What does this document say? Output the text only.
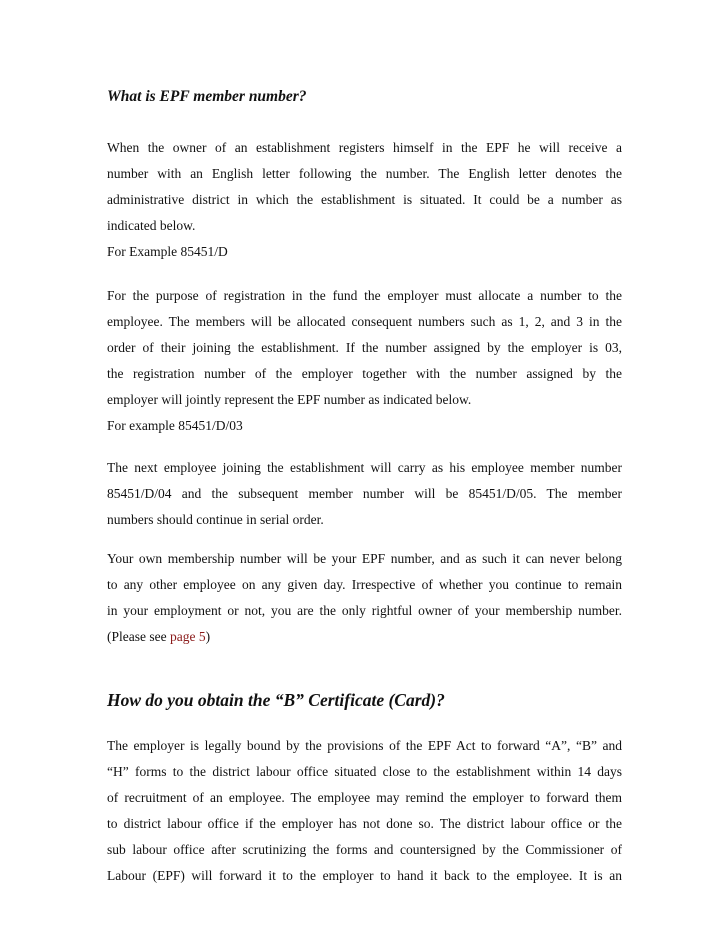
What is EPF member number?
When the owner of an establishment registers himself in the EPF he will receive a
number with an English letter following the number. The English letter denotes the
administrative district in which the establishment is situated. It could be a number as
indicated below.
For Example 85451/D
For the purpose of registration in the fund the employer must allocate a number to the
employee. The members will be allocated consequent numbers such as 1, 2, and 3 in the
order of their joining the establishment. If the number assigned by the employer is 03,
the registration number of the employer together with the number assigned by the
employer will jointly represent the EPF number as indicated below.
For example 85451/D/03
The next employee joining the establishment will carry as his employee member number
85451/D/04 and the subsequent member number will be 85451/D/05. The member
numbers should continue in serial order.
Your own membership number will be your EPF number, and as such it can never belong
to any other employee on any given day. Irrespective of whether you continue to remain
in your employment or not, you are the only rightful owner of your membership number.
(Please see page 5)
How do you obtain the “B” Certificate (Card)?
The employer is legally bound by the provisions of the EPF Act to forward “A”, “B” and
“H” forms to the district labour office situated close to the establishment within 14 days
of recruitment of an employee. The employee may remind the employer to forward them
to district labour office if the employer has not done so. The district labour office or the
sub labour office after scrutinizing the forms and countersigned by the Commissioner of
Labour (EPF) will forward it to the employer to hand it back to the employee. It is an
